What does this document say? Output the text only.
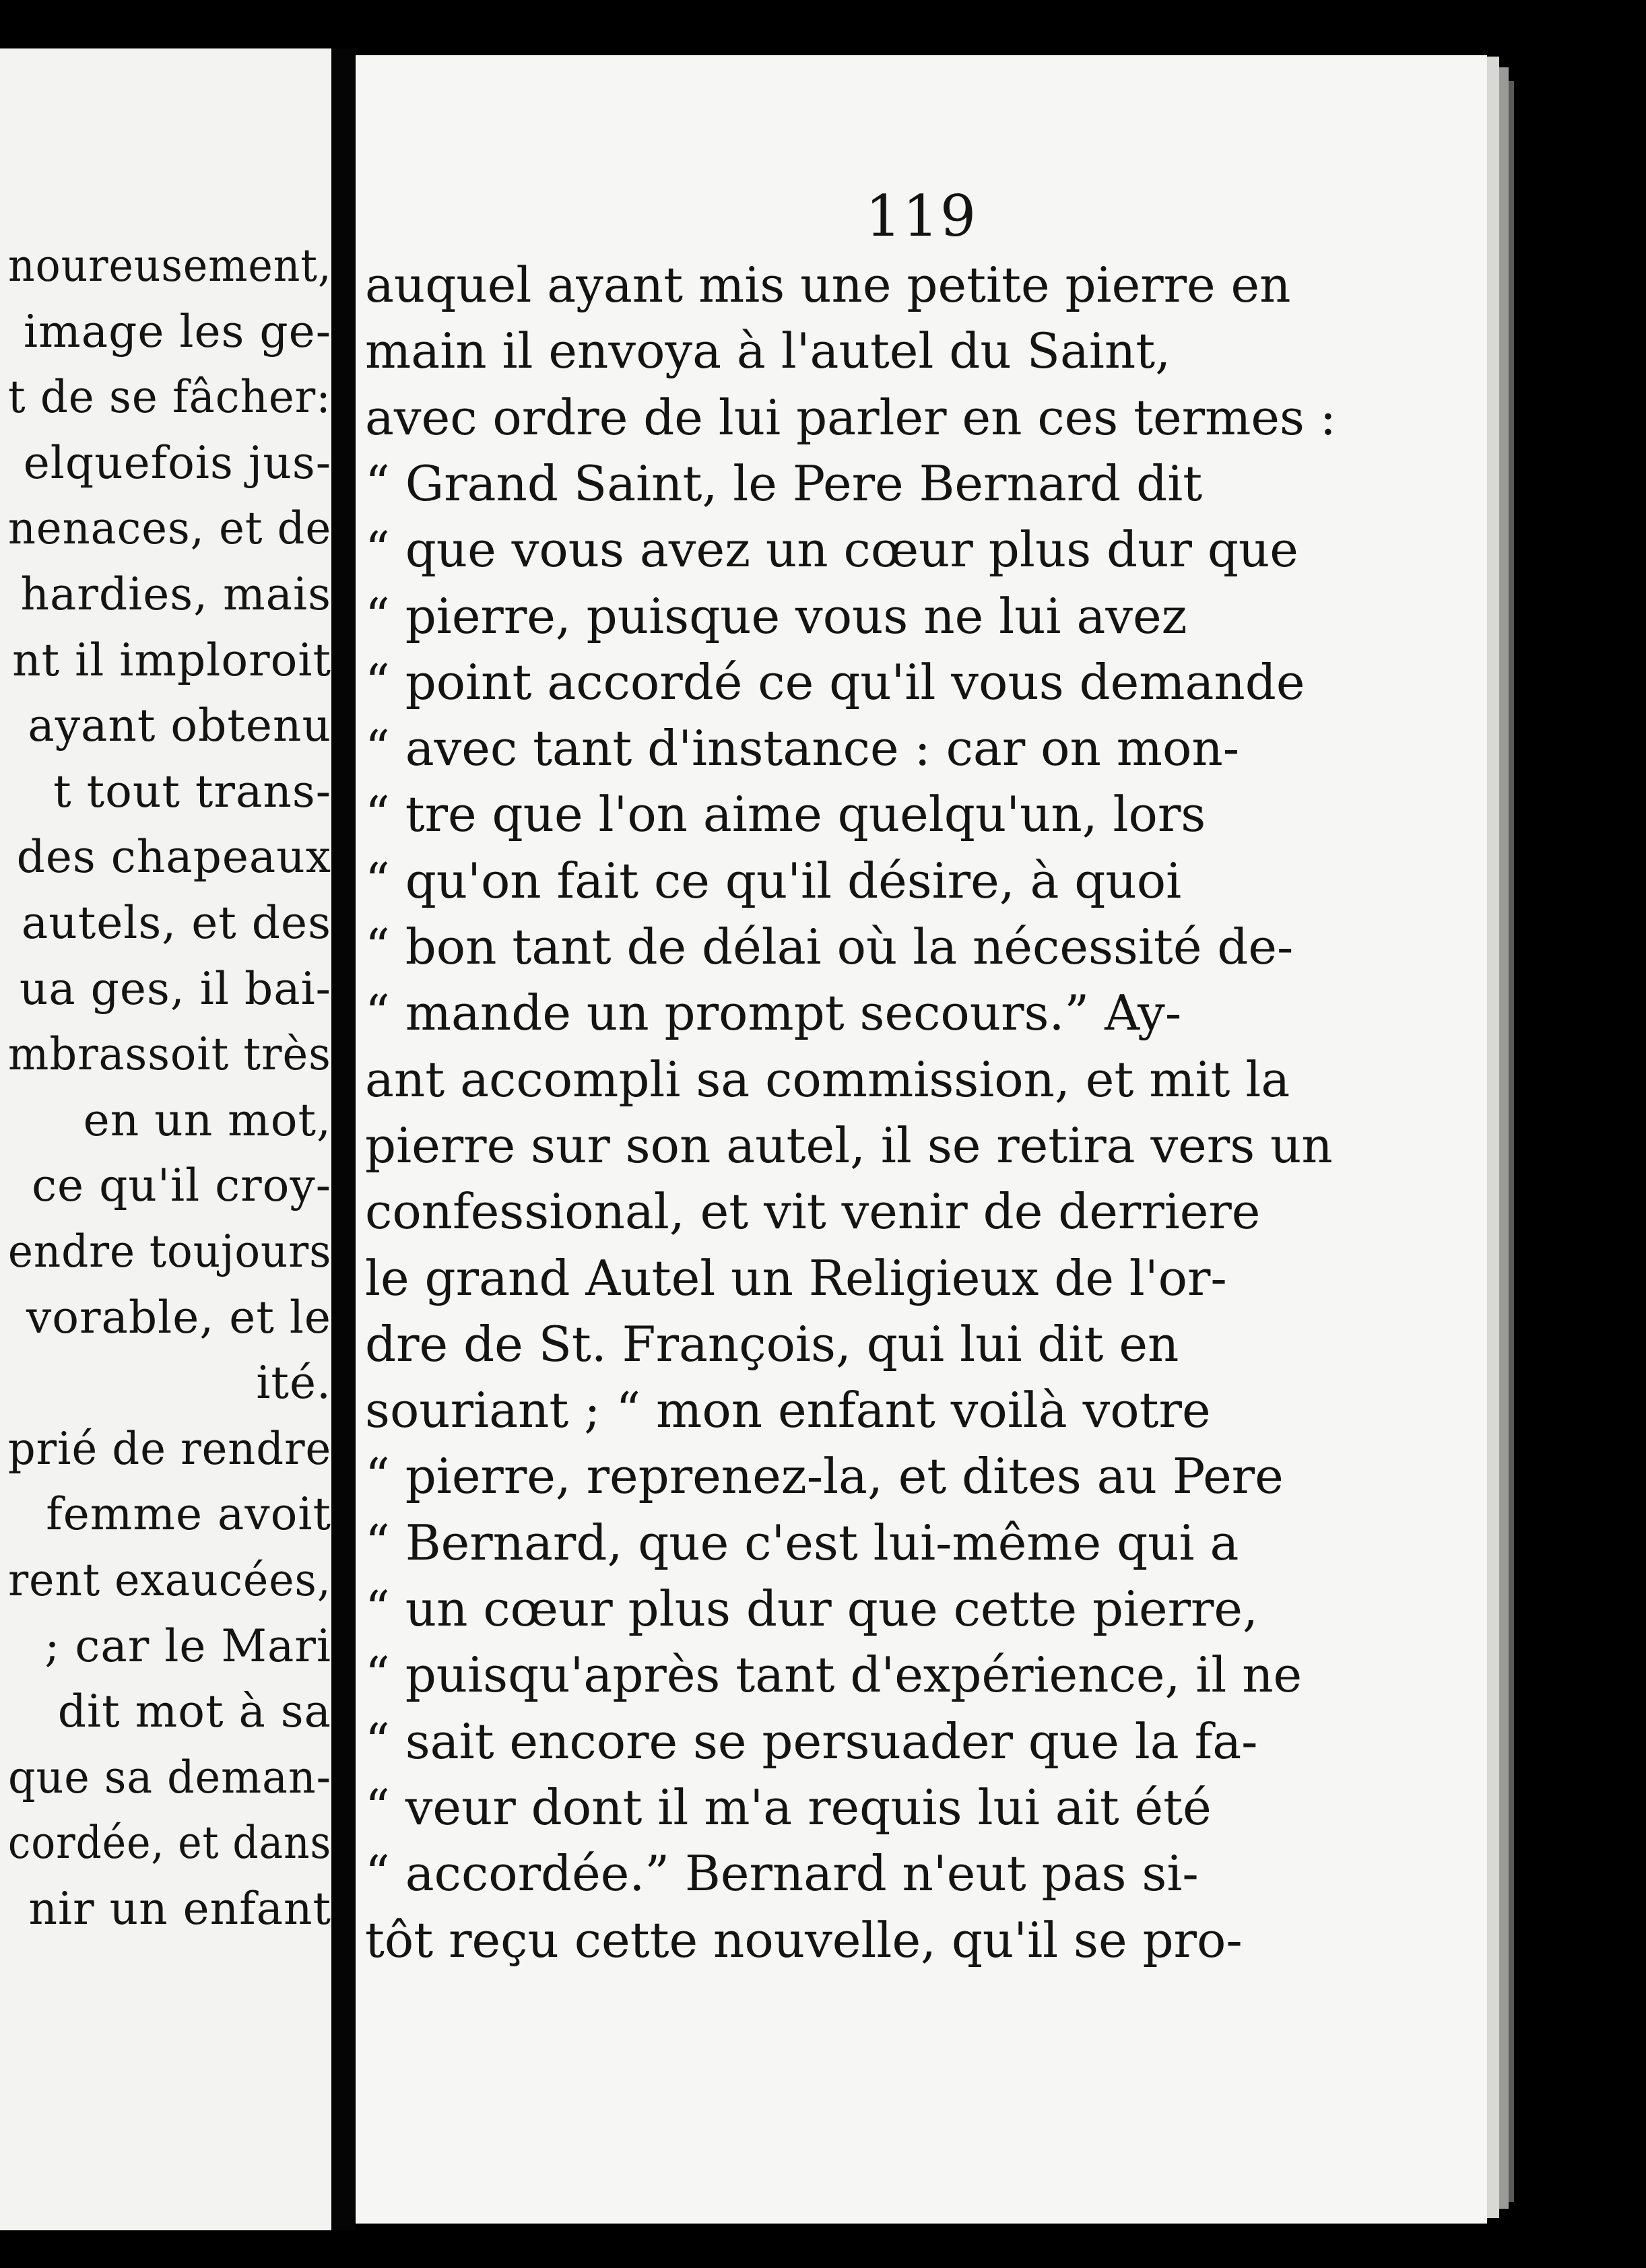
noureusement,
image les ge-
t de se fâcher:
elquefois jus-
nenaces, et de
hardies, mais
nt il imploroit
ayant obtenu
t tout trans-
des chapeaux
autels, et des
ua ges, il bai-
mbrassoit très
en un mot,
ce qu'il croy-
endre toujours
vorable, et le
ité.
prié de rendre
femme avoit
rent exaucées,
; car le Mari
dit mot à sa
que sa deman-
cordée, et dans
nir un enfant
119
auquel ayant mis une petite pierre en
main il envoya à l'autel du Saint,
avec ordre de lui parler en ces termes :
“ Grand Saint, le Pere Bernard dit
“ que vous avez un cœur plus dur que
“ pierre, puisque vous ne lui avez
“ point accordé ce qu'il vous demande
“ avec tant d'instance : car on mon-
“ tre que l'on aime quelqu'un, lors
“ qu'on fait ce qu'il désire, à quoi
“ bon tant de délai où la nécessité de-
“ mande un prompt secours.” Ay-
ant accompli sa commission, et mit la
pierre sur son autel, il se retira vers un
confessional, et vit venir de derriere
le grand Autel un Religieux de l'or-
dre de St. François, qui lui dit en
souriant ; “ mon enfant voilà votre
“ pierre, reprenez-la, et dites au Pere
“ Bernard, que c'est lui-même qui a
“ un cœur plus dur que cette pierre,
“ puisqu'après tant d'expérience, il ne
“ sait encore se persuader que la fa-
“ veur dont il m'a requis lui ait été
“ accordée.” Bernard n'eut pas si-
tôt reçu cette nouvelle, qu'il se pro-
